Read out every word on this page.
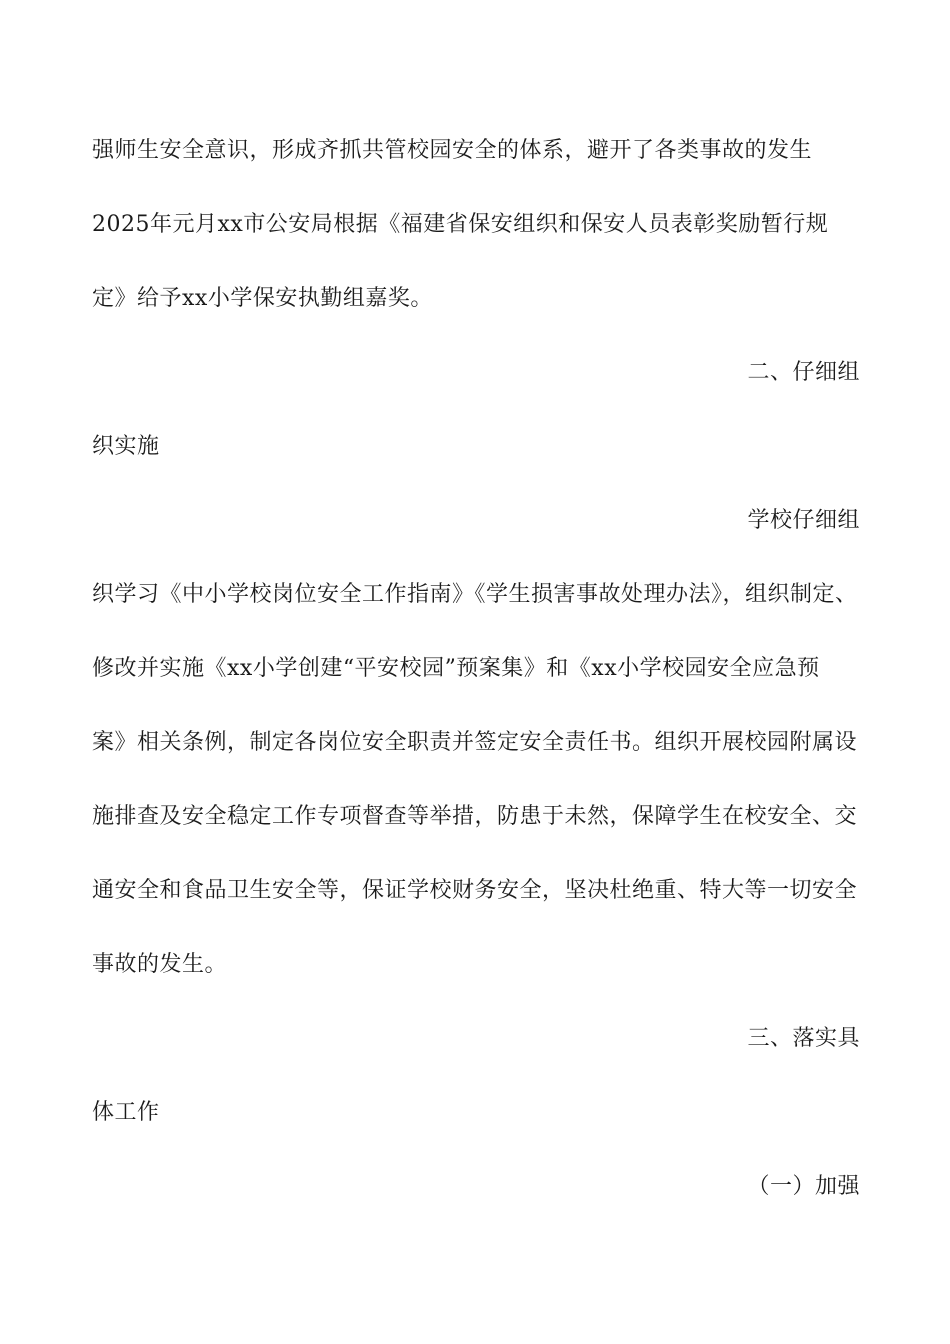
强师生安全意识，形成齐抓共管校园安全的体系，避开了各类事故的发生
2025年元月xx市公安局根据《福建省保安组织和保安人员表彰奖励暂行规
定》给予xx小学保安执勤组嘉奖。
二、仔细组
织实施
学校仔细组
织学习《中小学校岗位安全工作指南》《学生损害事故处理办法》，组织制定、
修改并实施《xx小学创建“平安校园”预案集》和《xx小学校园安全应急预
案》相关条例，制定各岗位安全职责并签定安全责任书。组织开展校园附属设
施排查及安全稳定工作专项督查等举措，防患于未然，保障学生在校安全、交
通安全和食品卫生安全等，保证学校财务安全，坚决杜绝重、特大等一切安全
事故的发生。
三、落实具
体工作
（一）加强
